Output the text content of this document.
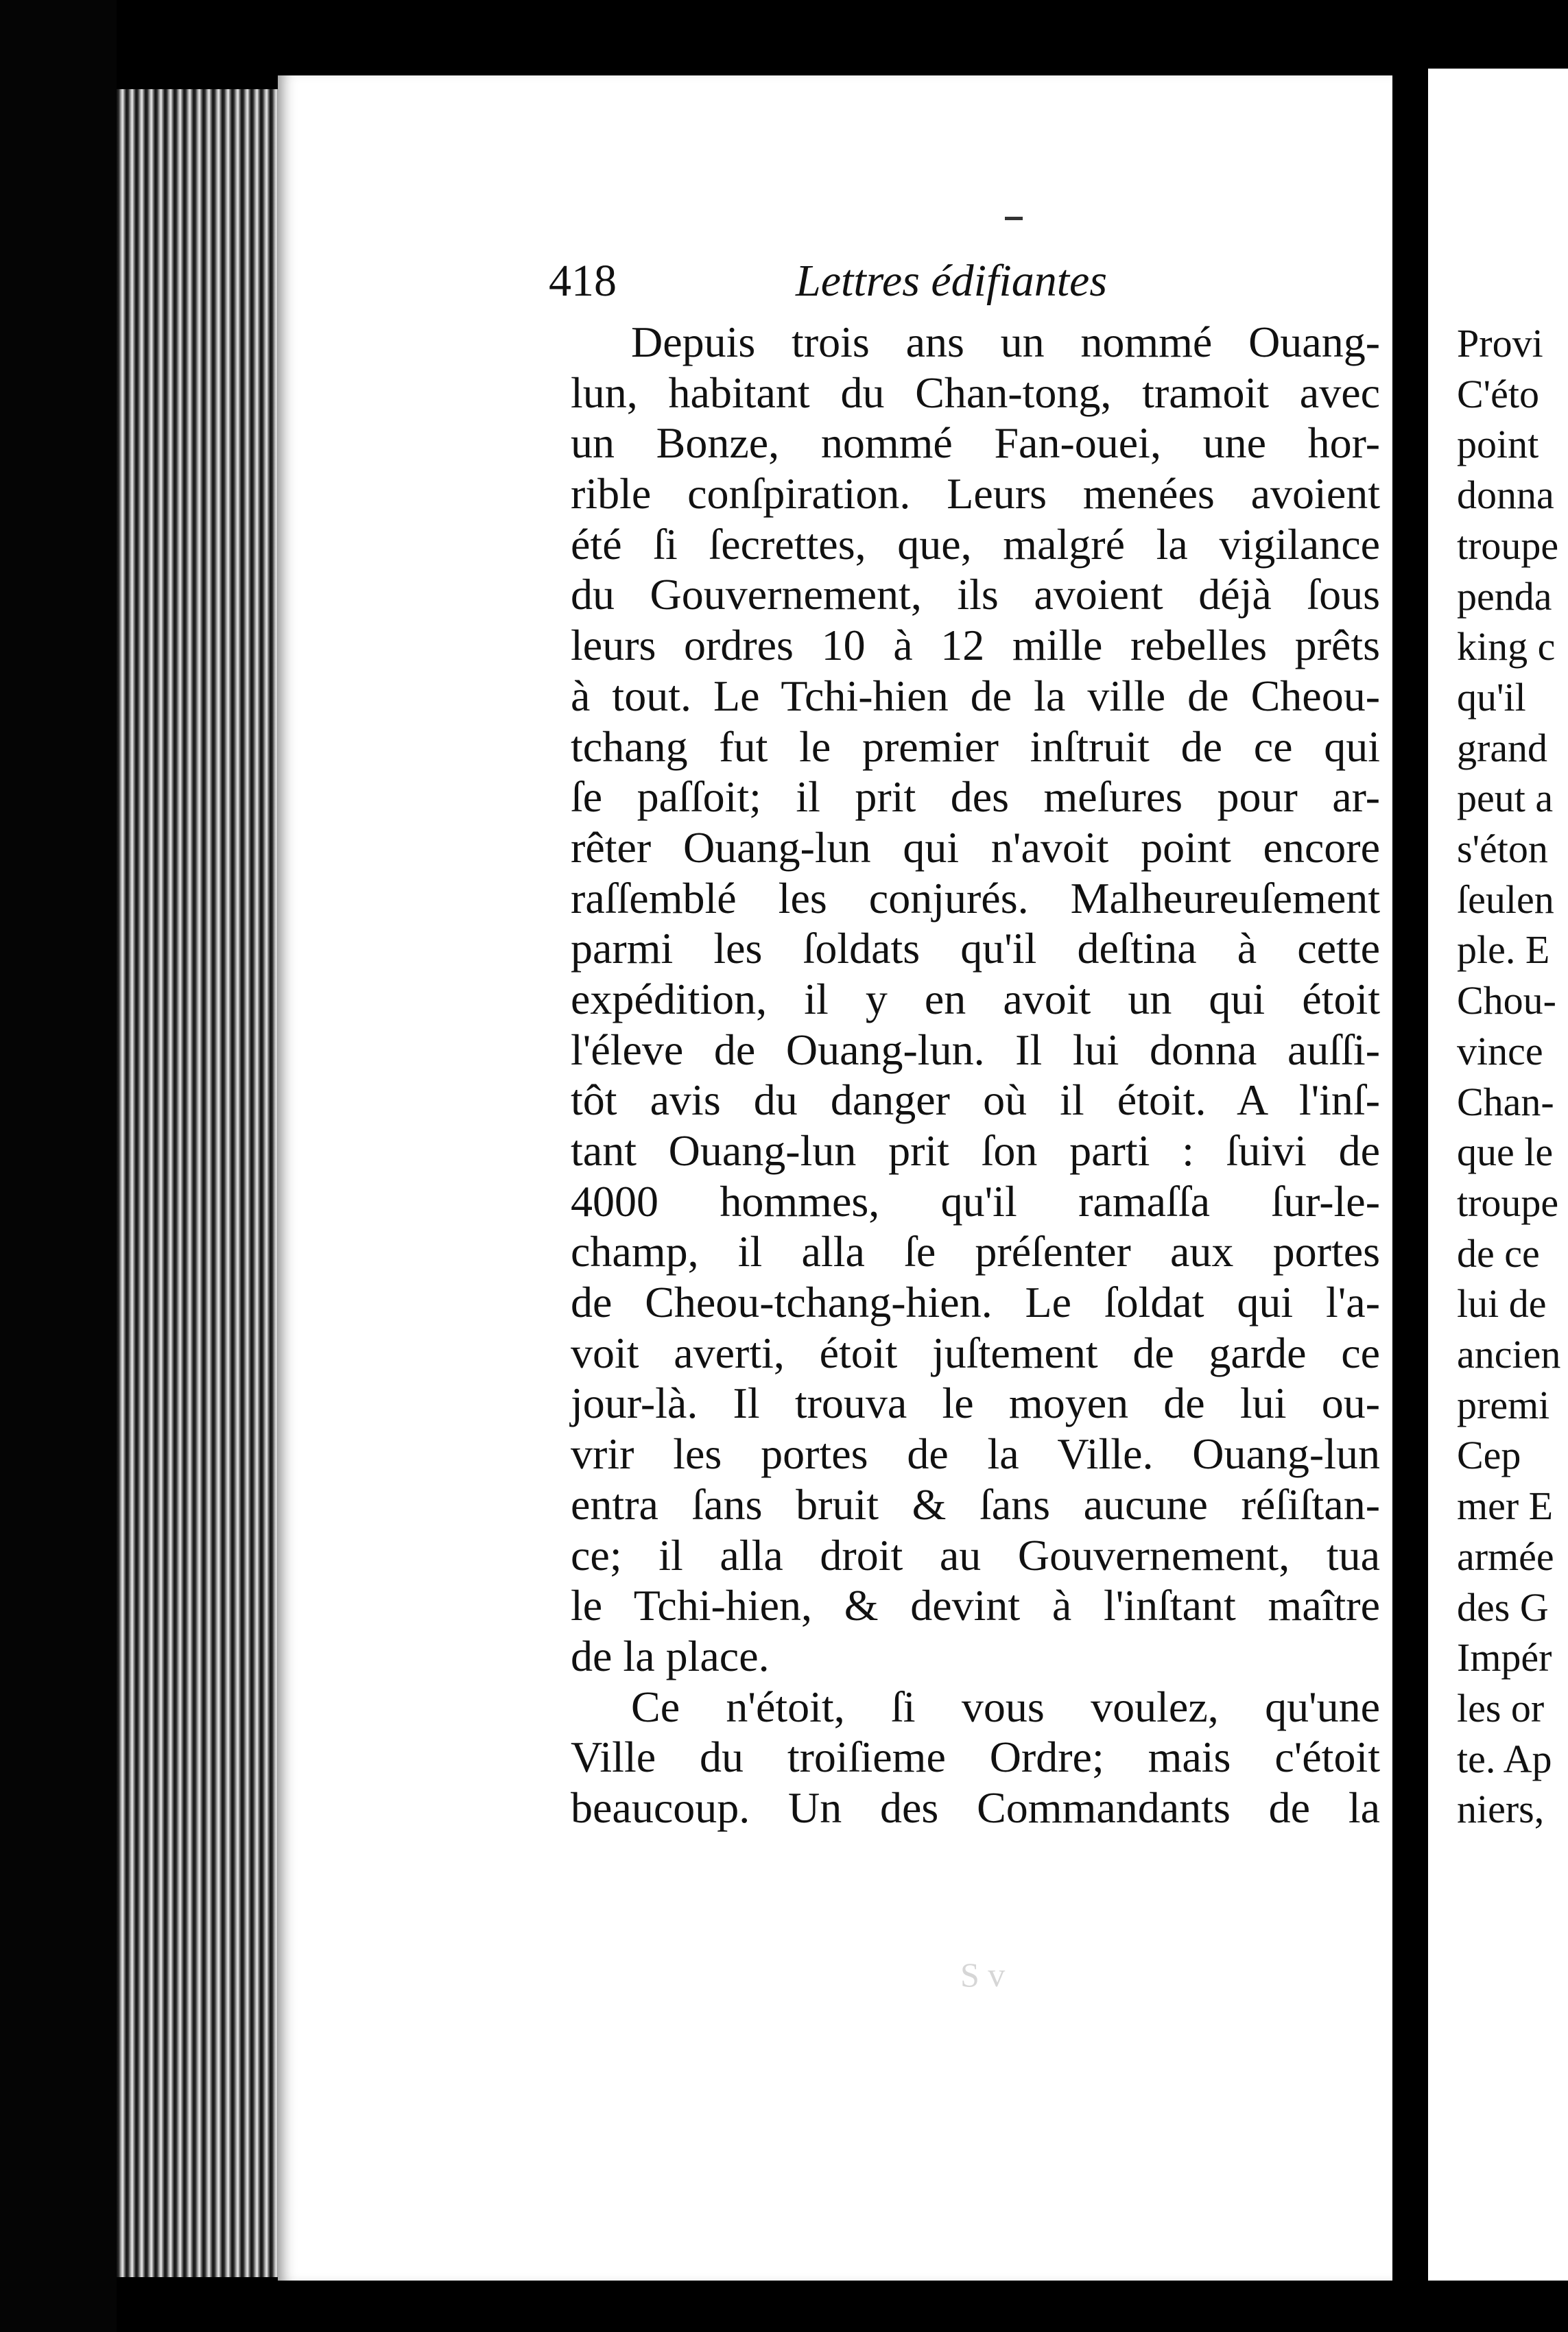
418	Lettres édifiantes
Depuis trois ans un nommé Ouang-
lun, habitant du Chan-tong, tramoit avec
un Bonze, nommé Fan-ouei, une hor-
rible conſpiration. Leurs menées avoient
été ſi ſecrettes, que, malgré la vigilance
du Gouvernement, ils avoient déjà ſous
leurs ordres 10 à 12 mille rebelles prêts
à tout. Le Tchi-hien de la ville de Cheou-
tchang fut le premier inſtruit de ce qui
ſe paſſoit; il prit des meſures pour ar-
rêter Ouang-lun qui n'avoit point encore
raſſemblé les conjurés. Malheureuſement
parmi les ſoldats qu'il deſtina à cette
expédition, il y en avoit un qui étoit
l'éleve de Ouang-lun. Il lui donna auſſi-
tôt avis du danger où il étoit. A l'inſ-
tant Ouang-lun prit ſon parti : ſuivi de
4000 hommes, qu'il ramaſſa ſur-le-
champ, il alla ſe préſenter aux portes
de Cheou-tchang-hien. Le ſoldat qui l'a-
voit averti, étoit juſtement de garde ce
jour-là. Il trouva le moyen de lui ou-
vrir les portes de la Ville. Ouang-lun
entra ſans bruit & ſans aucune réſiſtan-
ce; il alla droit au Gouvernement, tua
le Tchi-hien, & devint à l'inſtant maître
de la place.
Ce n'étoit, ſi vous voulez, qu'une
Ville du troiſieme Ordre; mais c'étoit
beaucoup. Un des Commandants de la
S v
Provi
C'éto
point
donna
troupe
penda
king c
qu'il
grand
peut a
s'éton
ſeulen
ple. E
Chou-
vince
Chan-
que le
troupe
de ce
lui de
ancien
premi
Cep
mer E
armée
des G
Impér
les or
te. Ap
niers,
